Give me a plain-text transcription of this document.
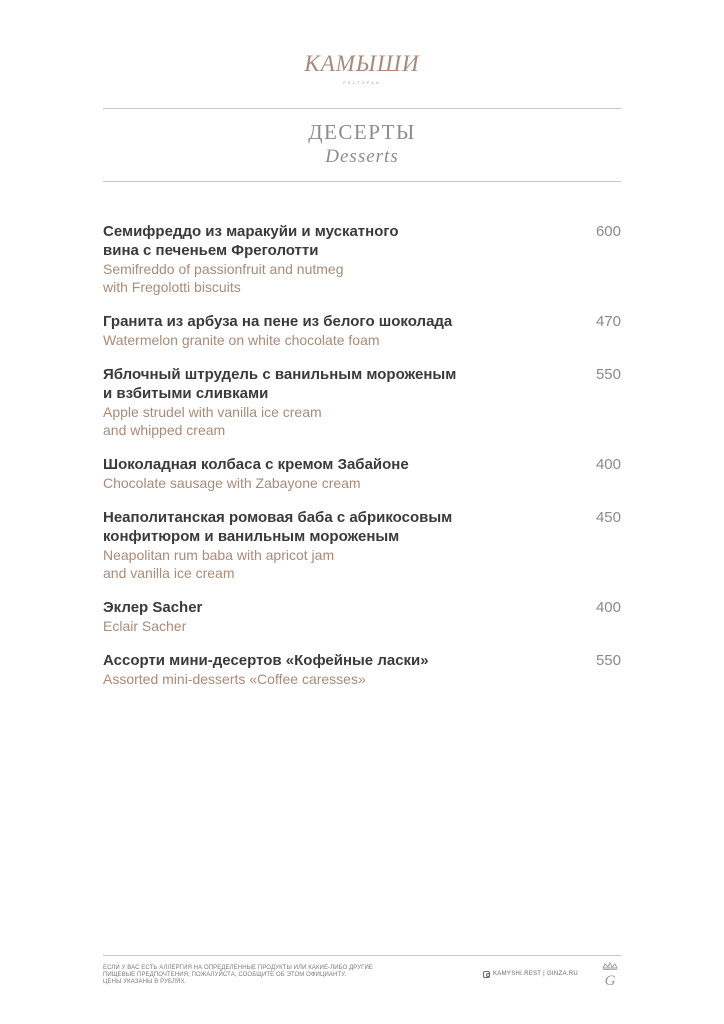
КАМЫШИ
РЕСТОРАН
ДЕСЕРТЫ
Desserts
Семифреддо из маракуйи и мускатного
вина с печеньем Фреголотти
Semifreddo of passionfruit and nutmeg
with Fregolotti biscuits
600
Гранита из арбуза на пене из белого шоколада
Watermelon granite on white chocolate foam
470
Яблочный штрудель с ванильным мороженым
и взбитыми сливками
Apple strudel with vanilla ice cream
and whipped cream
550
Шоколадная колбаса с кремом Забайоне
Chocolate sausage with Zabayone cream
400
Неаполитанская ромовая баба с абрикосовым
конфитюром и ванильным мороженым
Neapolitan rum baba with apricot jam
and vanilla ice cream
450
Эклер Sacher
Eclair Sacher
400
Ассорти мини-десертов «Кофейные ласки»
Assorted mini-desserts «Coffee caresses»
550
ЕСЛИ У ВАС ЕСТЬ АЛЛЕРГИЯ НА ОПРЕДЕЛЕННЫЕ ПРОДУКТЫ ИЛИ КАКИЕ-ЛИБО ДРУГИЕ
ПИЩЕВЫЕ ПРЕДПОЧТЕНИЯ, ПОЖАЛУЙСТА, СООБЩИТЕ ОБ ЭТОМ ОФИЦИАНТУ.
ЦЕНЫ УКАЗАНЫ В РУБЛЯХ.
KAMYSHI.REST | GINZA.RU G
